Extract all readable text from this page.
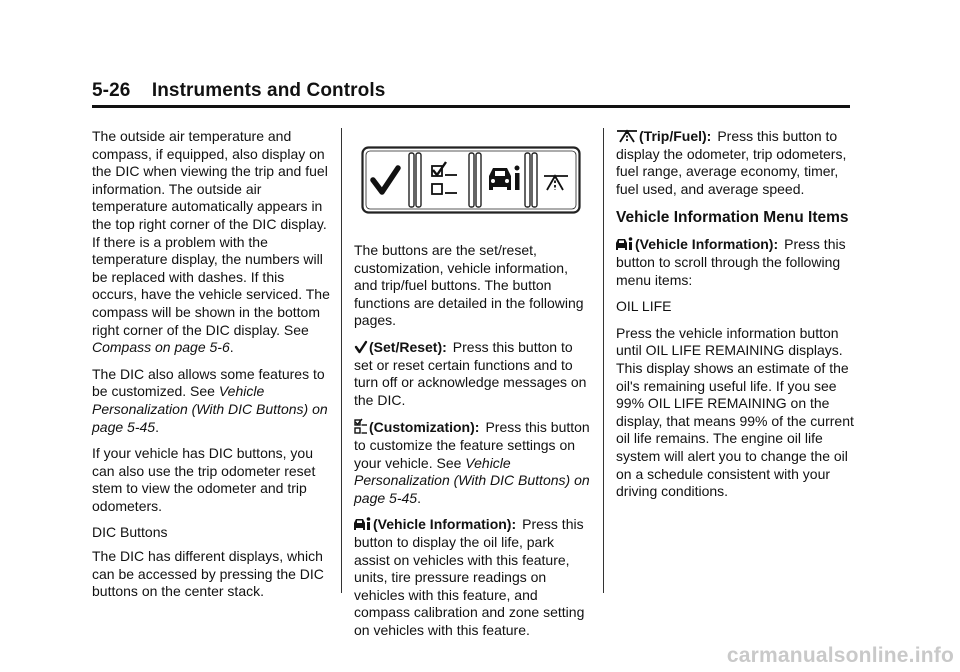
5-26 Instruments and Controls

The outside air temperature and compass, if equipped, also display on the DIC when viewing the trip and fuel information. The outside air temperature automatically appears in the top right corner of the DIC display. If there is a problem with the temperature display, the numbers will be replaced with dashes. If this occurs, have the vehicle serviced. The compass will be shown in the bottom right corner of the DIC display. See Compass on page 5-6.

The DIC also allows some features to be customized. See Vehicle Personalization (With DIC Buttons) on page 5-45.

If your vehicle has DIC buttons, you can also use the trip odometer reset stem to view the odometer and trip odometers.

DIC Buttons

The DIC has different displays, which can be accessed by pressing the DIC buttons on the center stack.

The buttons are the set/reset, customization, vehicle information, and trip/fuel buttons. The button functions are detailed in the following pages.

(Set/Reset): Press this button to set or reset certain functions and to turn off or acknowledge messages on the DIC.

(Customization): Press this button to customize the feature settings on your vehicle. See Vehicle Personalization (With DIC Buttons) on page 5-45.

(Vehicle Information): Press this button to display the oil life, park assist on vehicles with this feature, units, tire pressure readings on vehicles with this feature, and compass calibration and zone setting on vehicles with this feature.

(Trip/Fuel): Press this button to display the odometer, trip odometers, fuel range, average economy, timer, fuel used, and average speed.

Vehicle Information Menu Items

(Vehicle Information): Press this button to scroll through the following menu items:

OIL LIFE

Press the vehicle information button until OIL LIFE REMAINING displays. This display shows an estimate of the oil's remaining useful life. If you see 99% OIL LIFE REMAINING on the display, that means 99% of the current oil life remains. The engine oil life system will alert you to change the oil on a schedule consistent with your driving conditions.

carmanualsonline.info
